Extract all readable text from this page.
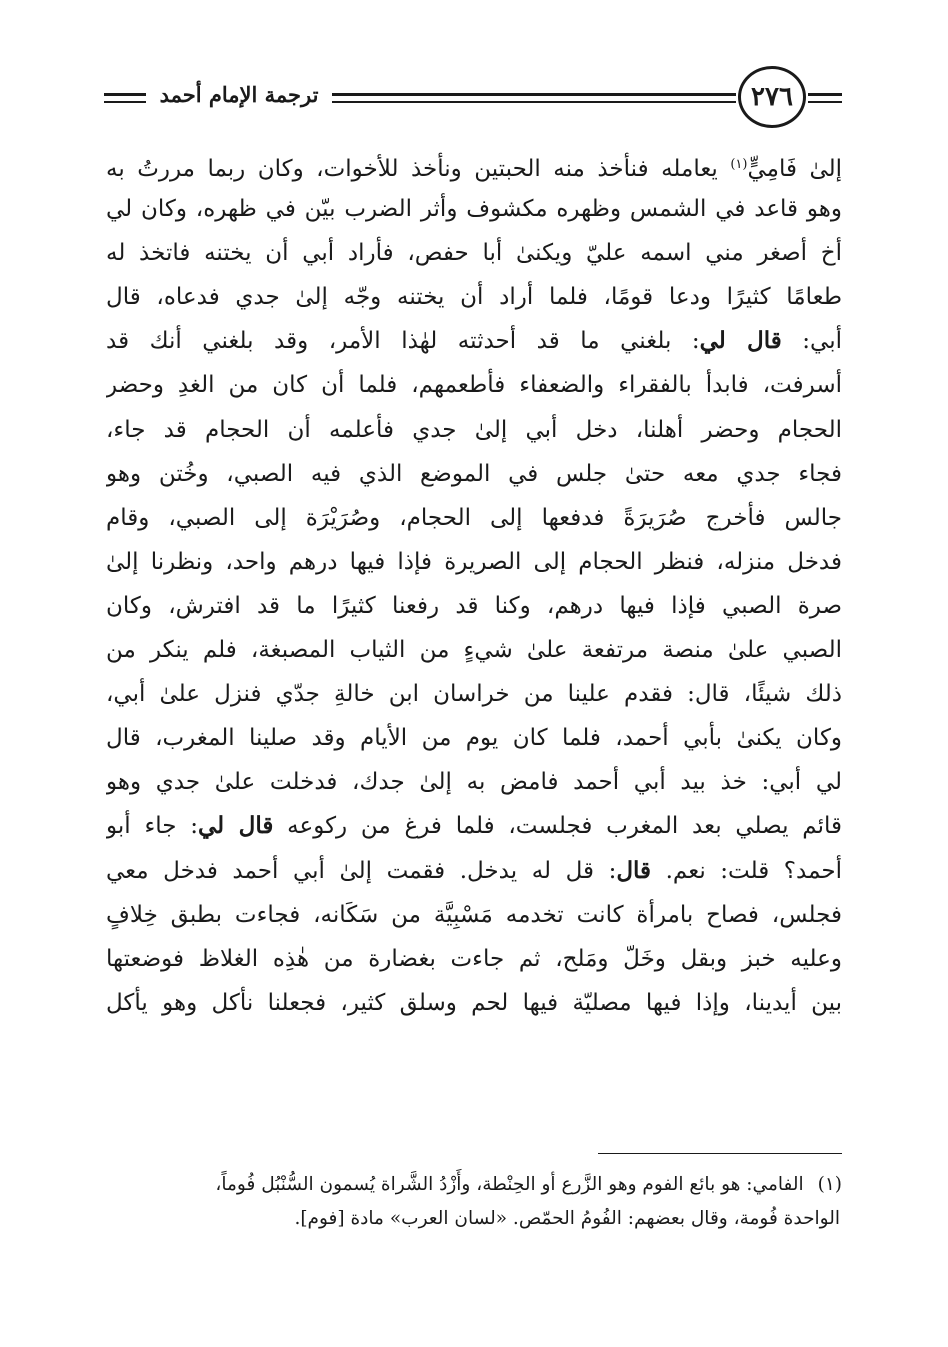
ترجمة الإمام أحمد	٢٧٦
إلىٰ فَامِيٍّ$^{(١)}$ يعامله فنأخذ منه الحبتين ونأخذ للأخوات، وكان ربما مررتُ به
وهو قاعد في الشمس وظهره مكشوف وأثر الضرب بيّن في ظهره، وكان لي
أخ أصغر مني اسمه عليّ ويكنىٰ أبا حفص، فأراد أبي أن يختنه فاتخذ له
طعامًا كثيرًا ودعا قومًا، فلما أراد أن يختنه وجّه إلىٰ جدي فدعاه، قال
أبي: قال لي: بلغني ما قد أحدثته لهٰذا الأمر، وقد بلغني أنك قد
أسرفت، فابدأ بالفقراء والضعفاء فأطعمهم، فلما أن كان من الغدِ وحضر
الحجام وحضر أهلنا، دخل أبي إلىٰ جدي فأعلمه أن الحجام قد جاء،
فجاء جدي معه حتىٰ جلس في الموضع الذي فيه الصبي، وخُتن وهو
جالس فأخرج صُرَيرَةً فدفعها إلى الحجام، وصُرَيْرَة إلى الصبي، وقام
فدخل منزله، فنظر الحجام إلى الصريرة فإذا فيها درهم واحد، ونظرنا إلىٰ
صرة الصبي فإذا فيها درهم، وكنا قد رفعنا كثيرًا ما قد افترش، وكان
الصبي علىٰ منصة مرتفعة علىٰ شيءٍ من الثياب المصبغة، فلم ينكر من
ذلك شيئًا، قال: فقدم علينا من خراسان ابن خالةِ جدّي فنزل علىٰ أبي،
وكان يكنىٰ بأبي أحمد، فلما كان يوم من الأيام وقد صلينا المغرب، قال
لي أبي: خذ بيد أبي أحمد فامض به إلىٰ جدك، فدخلت علىٰ جدي وهو
قائم يصلي بعد المغرب فجلست، فلما فرغ من ركوعه قال لي: جاء أبو
أحمد؟ قلت: نعم. قال: قل له يدخل. فقمت إلىٰ أبي أحمد فدخل معي
فجلس، فصاح بامرأة كانت تخدمه مَسْبِيَّة من سَكَانه، فجاءت بطبق خِلافٍ
وعليه خبز وبقل وخَلّ ومَلح، ثم جاءت بغضارة من هٰذِه الغلاظ فوضعتها
بين أيدينا، وإذا فيها مصليّة فيها لحم وسلق كثير، فجعلنا نأكل وهو يأكل
(١)الفامي: هو بائع الفوم وهو الزَّرع أو الحِنْطة، وأَزْدُ الشَّراة يُسمون السُّنْبُل فُوماً،
الواحدة فُومة، وقال بعضهم: الفُومُ الحمّص. «لسان العرب» مادة [فوم].
